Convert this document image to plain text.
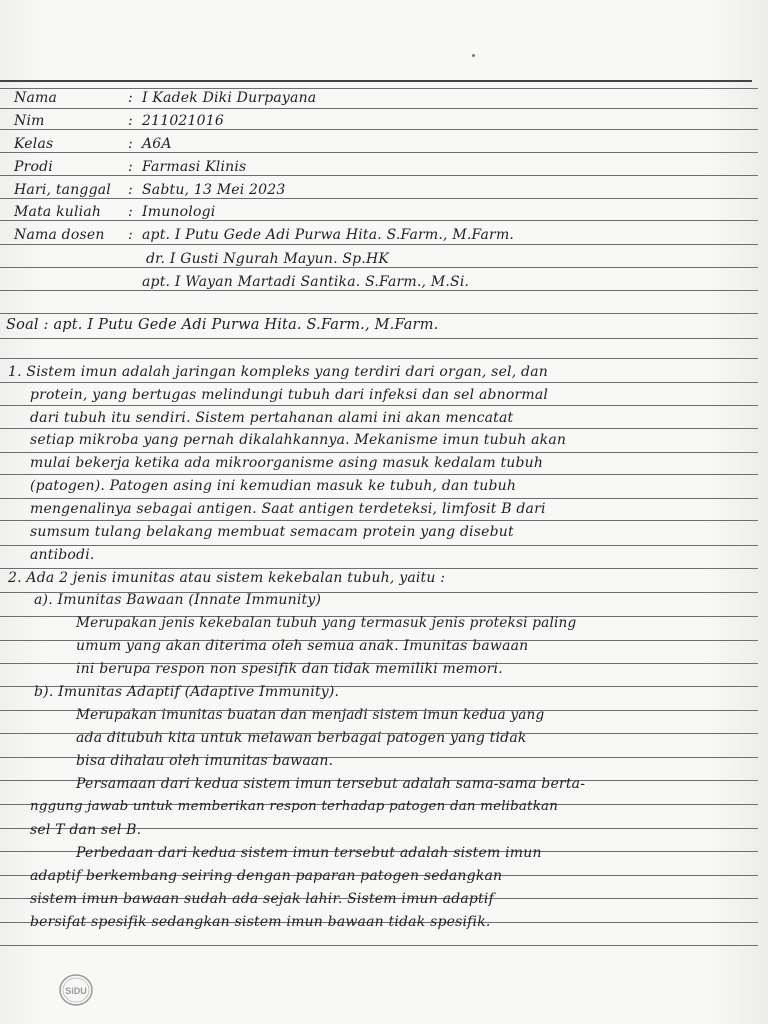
Nama	: I Kadek Diki Durpayana

Nim	: 211021016

Kelas	: A6A

Prodi	: Farmasi Klinis

Hari, tanggal : Sabtu, 13 Mei 2023

Mata kuliah : Imunologi

Nama dosen : apt. I Putu Gede Adi Purwa Hita. S.Farm., M.Farm.

dr. I Gusti Ngurah Mayun. Sp.HK

apt. I Wayan Martadi Santika. S.Farm., M.Si.

Soal : apt. I Putu Gede Adi Purwa Hita. S.Farm., M.Farm.

1. Sistem imun adalah jaringan kompleks yang terdiri dari organ, sel, dan

protein, yang bertugas melindungi tubuh dari infeksi dan sel abnormal

dari tubuh itu sendiri. Sistem pertahanan alami ini akan mencatat

setiap mikroba yang pernah dikalahkannya. Mekanisme imun tubuh akan

mulai bekerja ketika ada mikroorganisme asing masuk kedalam tubuh

(patogen). Patogen asing ini kemudian masuk ke tubuh, dan tubuh

mengenalinya sebagai antigen. Saat antigen terdeteksi, limfosit B dari

sumsum tulang belakang membuat semacam protein yang disebut

antibodi.

2. Ada 2 jenis imunitas atau sistem kekebalan tubuh, yaitu :

a). Imunitas Bawaan (Innate Immunity)

Merupakan jenis kekebalan tubuh yang termasuk jenis proteksi paling

umum yang akan diterima oleh semua anak. Imunitas bawaan

ini berupa respon non spesifik dan tidak memiliki memori.

b). Imunitas Adaptif (Adaptive Immunity).

Merupakan imunitas buatan dan menjadi sistem imun kedua yang

ada ditubuh kita untuk melawan berbagai patogen yang tidak

bisa dihalau oleh imunitas bawaan.

Persamaan dari kedua sistem imun tersebut adalah sama-sama berta-

nggung jawab untuk memberikan respon terhadap patogen dan melibatkan

sel T dan sel B.

Perbedaan dari kedua sistem imun tersebut adalah sistem imun

adaptif berkembang seiring dengan paparan patogen sedangkan

sistem imun bawaan sudah ada sejak lahir. Sistem imun adaptif

bersifat spesifik sedangkan sistem imun bawaan tidak spesifik.

SiDU
